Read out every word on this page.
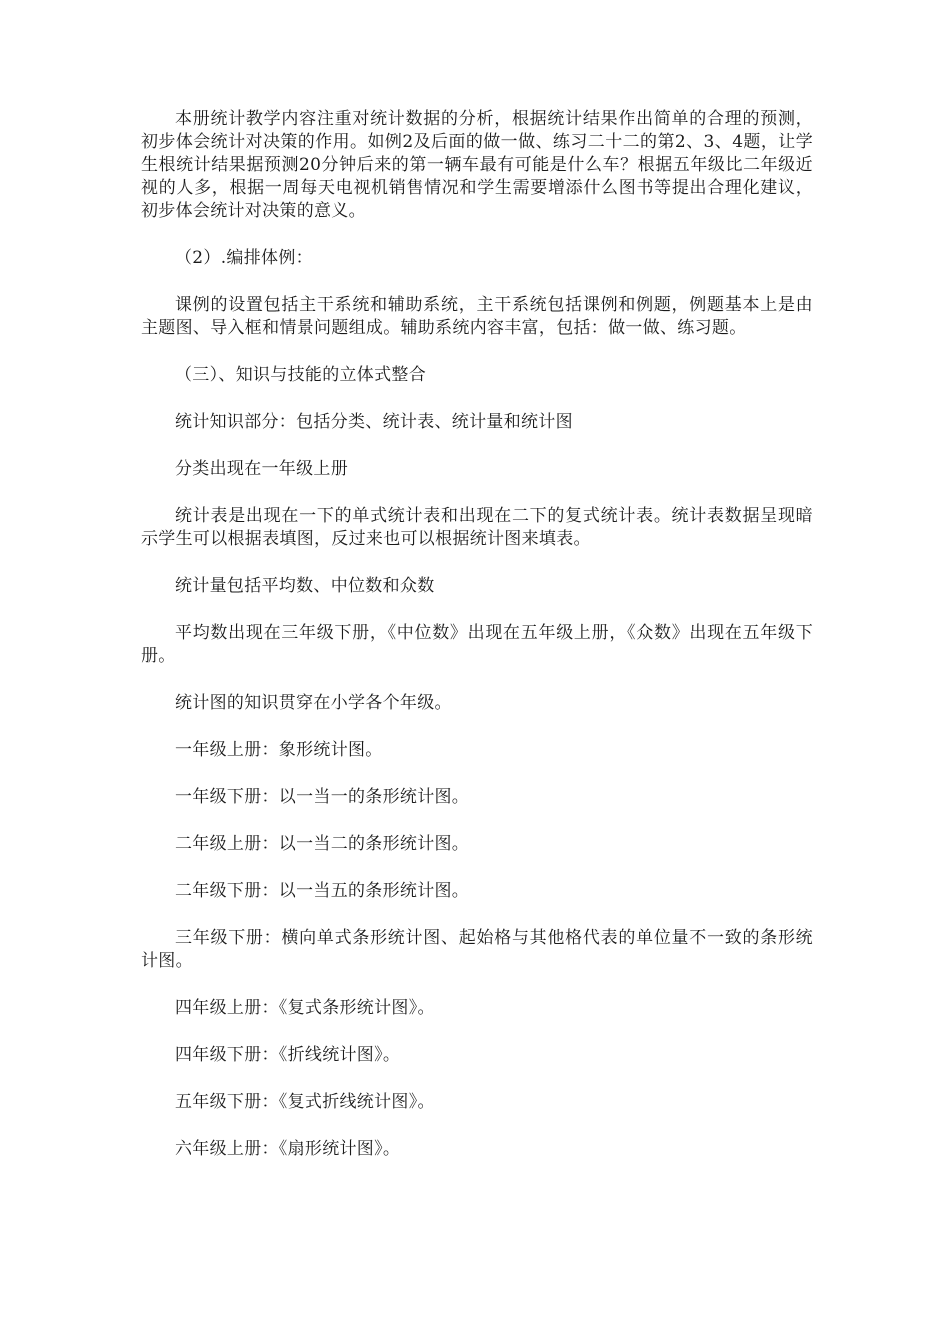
本册统计教学内容注重对统计数据的分析，根据统计结果作出简单的合理的预测，初步体会统计对决策的作用。如例2及后面的做一做、练习二十二的第2、3、4题，让学生根统计结果据预测20分钟后来的第一辆车最有可能是什么车？根据五年级比二年级近视的人多，根据一周每天电视机销售情况和学生需要增添什么图书等提出合理化建议，初步体会统计对决策的意义。

（2）.编排体例：

课例的设置包括主干系统和辅助系统，主干系统包括课例和例题，例题基本上是由主题图、导入框和情景问题组成。辅助系统内容丰富，包括：做一做、练习题。

（三）、知识与技能的立体式整合

统计知识部分：包括分类、统计表、统计量和统计图

分类出现在一年级上册

统计表是出现在一下的单式统计表和出现在二下的复式统计表。统计表数据呈现暗示学生可以根据表填图，反过来也可以根据统计图来填表。

统计量包括平均数、中位数和众数

平均数出现在三年级下册，《中位数》出现在五年级上册，《众数》出现在五年级下册。

统计图的知识贯穿在小学各个年级。

一年级上册：象形统计图。

一年级下册：以一当一的条形统计图。

二年级上册：以一当二的条形统计图。

二年级下册：以一当五的条形统计图。

三年级下册：横向单式条形统计图、起始格与其他格代表的单位量不一致的条形统计图。

四年级上册：《复式条形统计图》。

四年级下册：《折线统计图》。

五年级下册：《复式折线统计图》。

六年级上册：《扇形统计图》。
